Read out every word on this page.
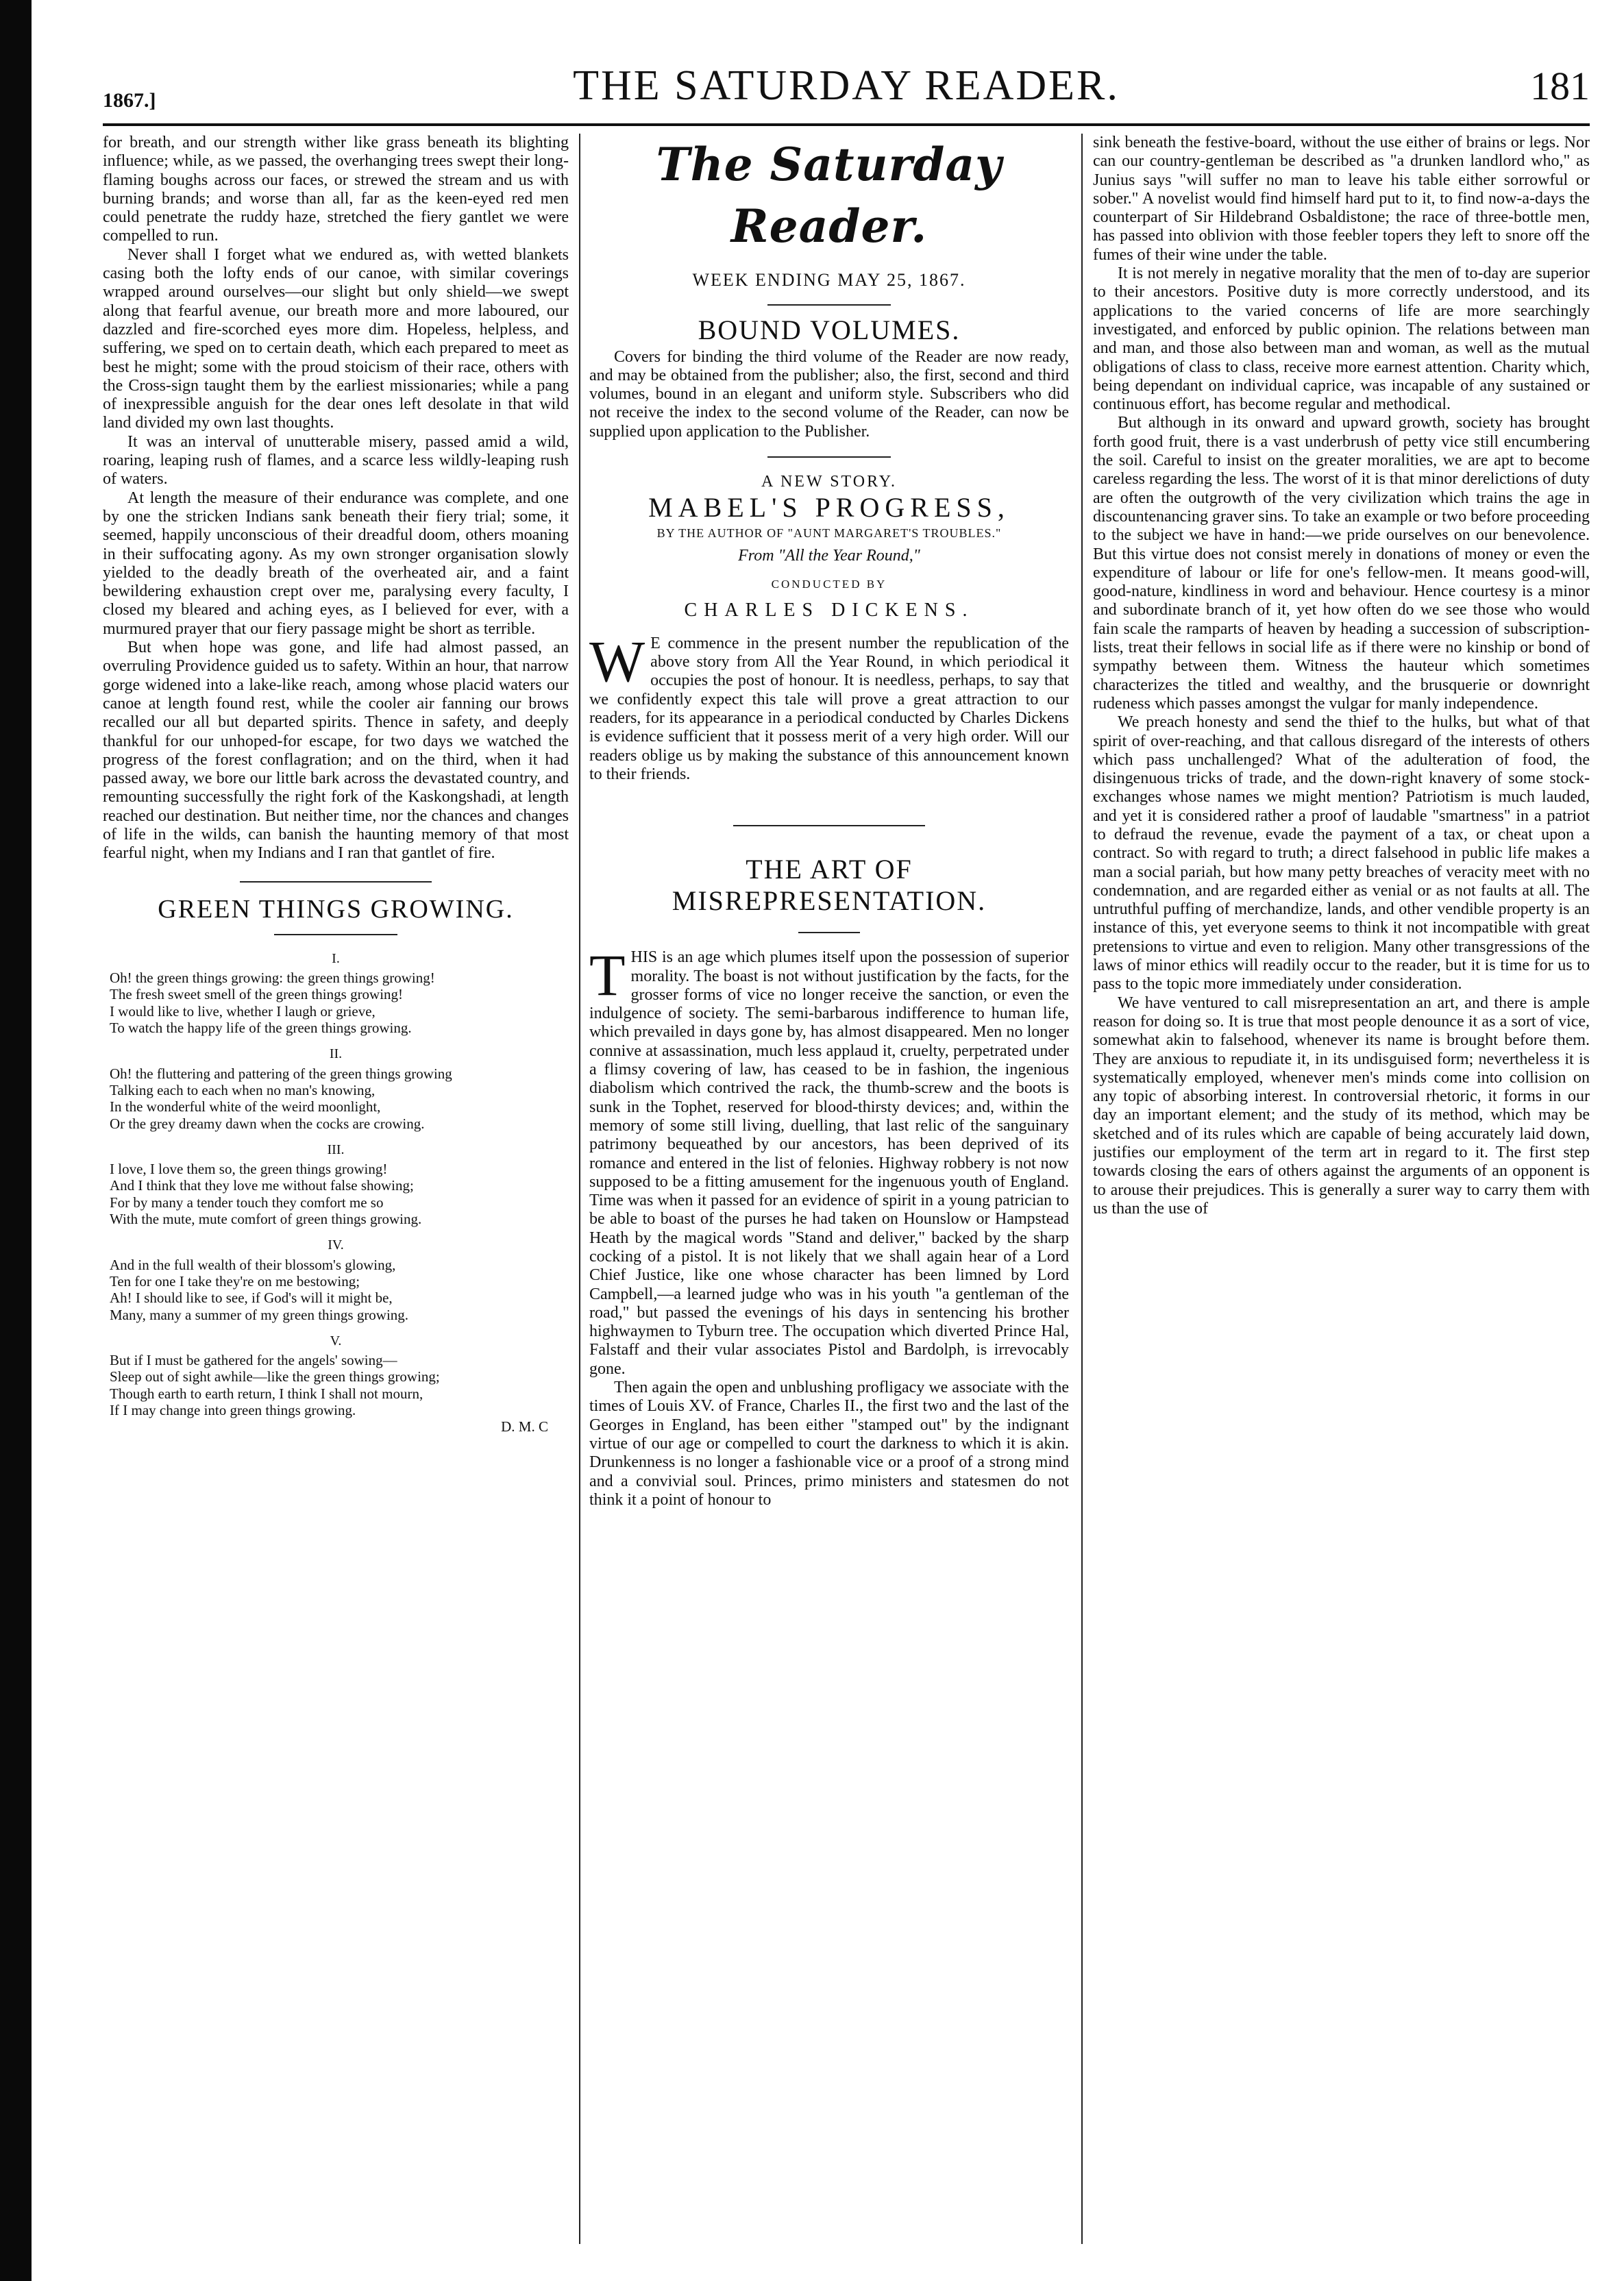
1867.]	THE SATURDAY READER.	181

for breath, and our strength wither like grass beneath its blighting influence; while, as we passed, the overhanging trees swept their long-flaming boughs across our faces, or strewed the stream and us with burning brands; and worse than all, far as the keen-eyed red men could penetrate the ruddy haze, stretched the fiery gantlet we were compelled to run.

Never shall I forget what we endured as, with wetted blankets casing both the lofty ends of our canoe, with similar coverings wrapped around ourselves—our slight but only shield—we swept along that fearful avenue, our breath more and more laboured, our dazzled and fire-scorched eyes more dim. Hopeless, helpless, and suffering, we sped on to certain death, which each prepared to meet as best he might; some with the proud stoicism of their race, others with the Cross-sign taught them by the earliest missionaries; while a pang of inexpressible anguish for the dear ones left desolate in that wild land divided my own last thoughts.

It was an interval of unutterable misery, passed amid a wild, roaring, leaping rush of flames, and a scarce less wildly-leaping rush of waters.

At length the measure of their endurance was complete, and one by one the stricken Indians sank beneath their fiery trial; some, it seemed, happily unconscious of their dreadful doom, others moaning in their suffocating agony. As my own stronger organisation slowly yielded to the deadly breath of the overheated air, and a faint bewildering exhaustion crept over me, paralysing every faculty, I closed my bleared and aching eyes, as I believed for ever, with a murmured prayer that our fiery passage might be short as terrible.

But when hope was gone, and life had almost passed, an overruling Providence guided us to safety. Within an hour, that narrow gorge widened into a lake-like reach, among whose placid waters our canoe at length found rest, while the cooler air fanning our brows recalled our all but departed spirits. Thence in safety, and deeply thankful for our unhoped-for escape, for two days we watched the progress of the forest conflagration; and on the third, when it had passed away, we bore our little bark across the devastated country, and remounting successfully the right fork of the Kaskongshadi, at length reached our destination. But neither time, nor the chances and changes of life in the wilds, can banish the haunting memory of that most fearful night, when my Indians and I ran that gantlet of fire.

GREEN THINGS GROWING.
I.
Oh! the green things growing: the green things growing!
The fresh sweet smell of the green things growing!
I would like to live, whether I laugh or grieve,
To watch the happy life of the green things growing.
II.
Oh! the fluttering and pattering of the green things growing
Talking each to each when no man's knowing,
In the wonderful white of the weird moonlight,
Or the grey dreamy dawn when the cocks are crowing.
III.
I love, I love them so, the green things growing!
And I think that they love me without false showing;
For by many a tender touch they comfort me so
With the mute, mute comfort of green things growing.
IV.
And in the full wealth of their blossom's glowing,
Ten for one I take they're on me bestowing;
Ah! I should like to see, if God's will it might be,
Many, many a summer of my green things growing.
V.
But if I must be gathered for the angels' sowing—
Sleep out of sight awhile—like the green things growing;
Though earth to earth return, I think I shall not mourn,
If I may change into green things growing.
D. M. C
The Saturday Reader.
WEEK ENDING MAY 25, 1867.
BOUND VOLUMES.

Covers for binding the third volume of the Reader are now ready, and may be obtained from the publisher; also, the first, second and third volumes, bound in an elegant and uniform style. Subscribers who did not receive the index to the second volume of the Reader, can now be supplied upon application to the Publisher.

A NEW STORY.
MABEL'S PROGRESS,
BY THE AUTHOR OF "AUNT MARGARET'S TROUBLES."
From "All the Year Round,"
CONDUCTED BY
CHARLES DICKENS.

W E commence in the present number the republication of the above story from All the Year Round, in which periodical it occupies the post of honour. It is needless, perhaps, to say that we confidently expect this tale will prove a great attraction to our readers, for its appearance in a periodical conducted by Charles Dickens is evidence sufficient that it possess merit of a very high order. Will our readers oblige us by making the substance of this announcement known to their friends.

THE ART OF MISREPRESENTATION.

THIS is an age which plumes itself upon the possession of superior morality. The boast is not without justification by the facts, for the grosser forms of vice no longer receive the sanction, or even the indulgence of society. The semi-barbarous indifference to human life, which prevailed in days gone by, has almost disappeared. Men no longer connive at assassination, much less applaud it, cruelty, perpetrated under a flimsy covering of law, has ceased to be in fashion, the ingenious diabolism which contrived the rack, the thumb-screw and the boots is sunk in the Tophet, reserved for blood-thirsty devices; and, within the memory of some still living, duelling, that last relic of the sanguinary patrimony bequeathed by our ancestors, has been deprived of its romance and entered in the list of felonies. Highway robbery is not now supposed to be a fitting amusement for the ingenuous youth of England. Time was when it passed for an evidence of spirit in a young patrician to be able to boast of the purses he had taken on Hounslow or Hampstead Heath by the magical words "Stand and deliver," backed by the sharp cocking of a pistol. It is not likely that we shall again hear of a Lord Chief Justice, like one whose character has been limned by Lord Campbell,—a learned judge who was in his youth "a gentleman of the road," but passed the evenings of his days in sentencing his brother highwaymen to Tyburn tree. The occupation which diverted Prince Hal, Falstaff and their vular associates Pistol and Bardolph, is irrevocably gone.

Then again the open and unblushing profligacy we associate with the times of Louis XV. of France, Charles II., the first two and the last of the Georges in England, has been either "stamped out" by the indignant virtue of our age or compelled to court the darkness to which it is akin. Drunkenness is no longer a fashionable vice or a proof of a strong mind and a convivial soul. Princes, primo ministers and statesmen do not think it a point of honour to

sink beneath the festive-board, without the use either of brains or legs. Nor can our country-gentleman be described as "a drunken landlord who," as Junius says "will suffer no man to leave his table either sorrowful or sober." A novelist would find himself hard put to it, to find now-a-days the counterpart of Sir Hildebrand Osbaldistone; the race of three-bottle men, has passed into oblivion with those feebler topers they left to snore off the fumes of their wine under the table.

It is not merely in negative morality that the men of to-day are superior to their ancestors. Positive duty is more correctly understood, and its applications to the varied concerns of life are more searchingly investigated, and enforced by public opinion. The relations between man and man, and those also between man and woman, as well as the mutual obligations of class to class, receive more earnest attention. Charity which, being dependant on individual caprice, was incapable of any sustained or continuous effort, has become regular and methodical.

But although in its onward and upward growth, society has brought forth good fruit, there is a vast underbrush of petty vice still encumbering the soil. Careful to insist on the greater moralities, we are apt to become careless regarding the less. The worst of it is that minor derelictions of duty are often the outgrowth of the very civilization which trains the age in discountenancing graver sins. To take an example or two before proceeding to the subject we have in hand:—we pride ourselves on our benevolence. But this virtue does not consist merely in donations of money or even the expenditure of labour or life for one's fellow-men. It means good-will, good-nature, kindliness in word and behaviour. Hence courtesy is a minor and subordinate branch of it, yet how often do we see those who would fain scale the ramparts of heaven by heading a succession of subscription-lists, treat their fellows in social life as if there were no kinship or bond of sympathy between them. Witness the hauteur which sometimes characterizes the titled and wealthy, and the brusquerie or downright rudeness which passes amongst the vulgar for manly independence.

We preach honesty and send the thief to the hulks, but what of that spirit of over-reaching, and that callous disregard of the interests of others which pass unchallenged? What of the adulteration of food, the disingenuous tricks of trade, and the down-right knavery of some stock-exchanges whose names we might mention? Patriotism is much lauded, and yet it is considered rather a proof of laudable "smartness" in a patriot to defraud the revenue, evade the payment of a tax, or cheat upon a contract. So with regard to truth; a direct falsehood in public life makes a man a social pariah, but how many petty breaches of veracity meet with no condemnation, and are regarded either as venial or as not faults at all. The untruthful puffing of merchandize, lands, and other vendible property is an instance of this, yet everyone seems to think it not incompatible with great pretensions to virtue and even to religion. Many other transgressions of the laws of minor ethics will readily occur to the reader, but it is time for us to pass to the topic more immediately under consideration.

We have ventured to call misrepresentation an art, and there is ample reason for doing so. It is true that most people denounce it as a sort of vice, somewhat akin to falsehood, whenever its name is brought before them. They are anxious to repudiate it, in its undisguised form; nevertheless it is systematically employed, whenever men's minds come into collision on any topic of absorbing interest. In controversial rhetoric, it forms in our day an important element; and the study of its method, which may be sketched and of its rules which are capable of being accurately laid down, justifies our employment of the term art in regard to it. The first step towards closing the ears of others against the arguments of an opponent is to arouse their prejudices. This is generally a surer way to carry them with us than the use of
